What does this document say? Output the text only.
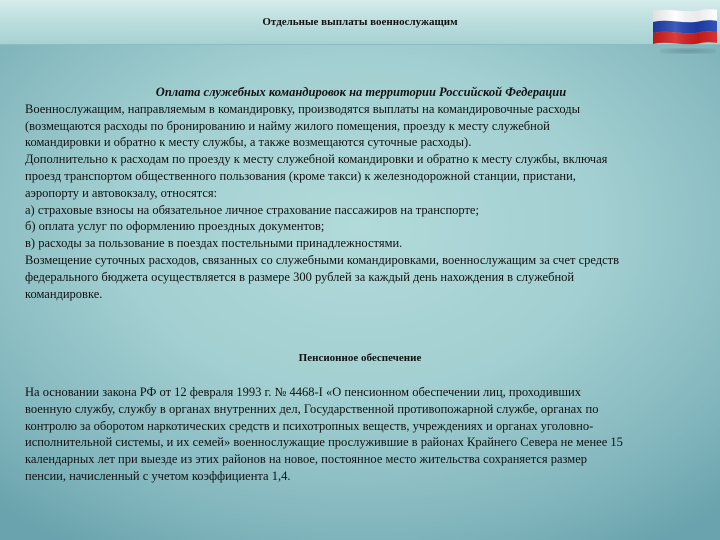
Отдельные выплаты военнослужащим
Оплата служебных командировок на территории Российской Федерации
Военнослужащим, направляемым в командировку, производятся выплаты на командировочные расходы
(возмещаются расходы по бронированию и найму жилого помещения, проезду к месту служебной
командировки и обратно к месту службы, а также возмещаются суточные расходы).
Дополнительно к расходам по проезду к месту служебной командировки и обратно к месту службы, включая
проезд транспортом общественного пользования (кроме такси) к железнодорожной станции, пристани,
аэропорту и автовокзалу, относятся:
а) страховые взносы на обязательное личное страхование пассажиров на транспорте;
б) оплата услуг по оформлению проездных документов;
в) расходы за пользование в поездах постельными принадлежностями.
Возмещение суточных расходов, связанных со служебными командировками, военнослужащим за счет средств
федерального бюджета осуществляется в размере 300 рублей за каждый день нахождения в служебной
командировке.
Пенсионное обеспечение
На основании закона РФ от 12 февраля 1993 г. № 4468-I «О пенсионном обеспечении лиц, проходивших
военную службу, службу в органах внутренних дел, Государственной противопожарной службе, органах по
контролю за оборотом наркотических средств и психотропных веществ, учреждениях и органах уголовно-
исполнительной системы, и их семей» военнослужащие прослужившие в районах Крайнего Севера не менее 15
календарных лет при выезде из этих районов на новое, постоянное место жительства сохраняется размер
пенсии, начисленный с учетом коэффициента 1,4.
